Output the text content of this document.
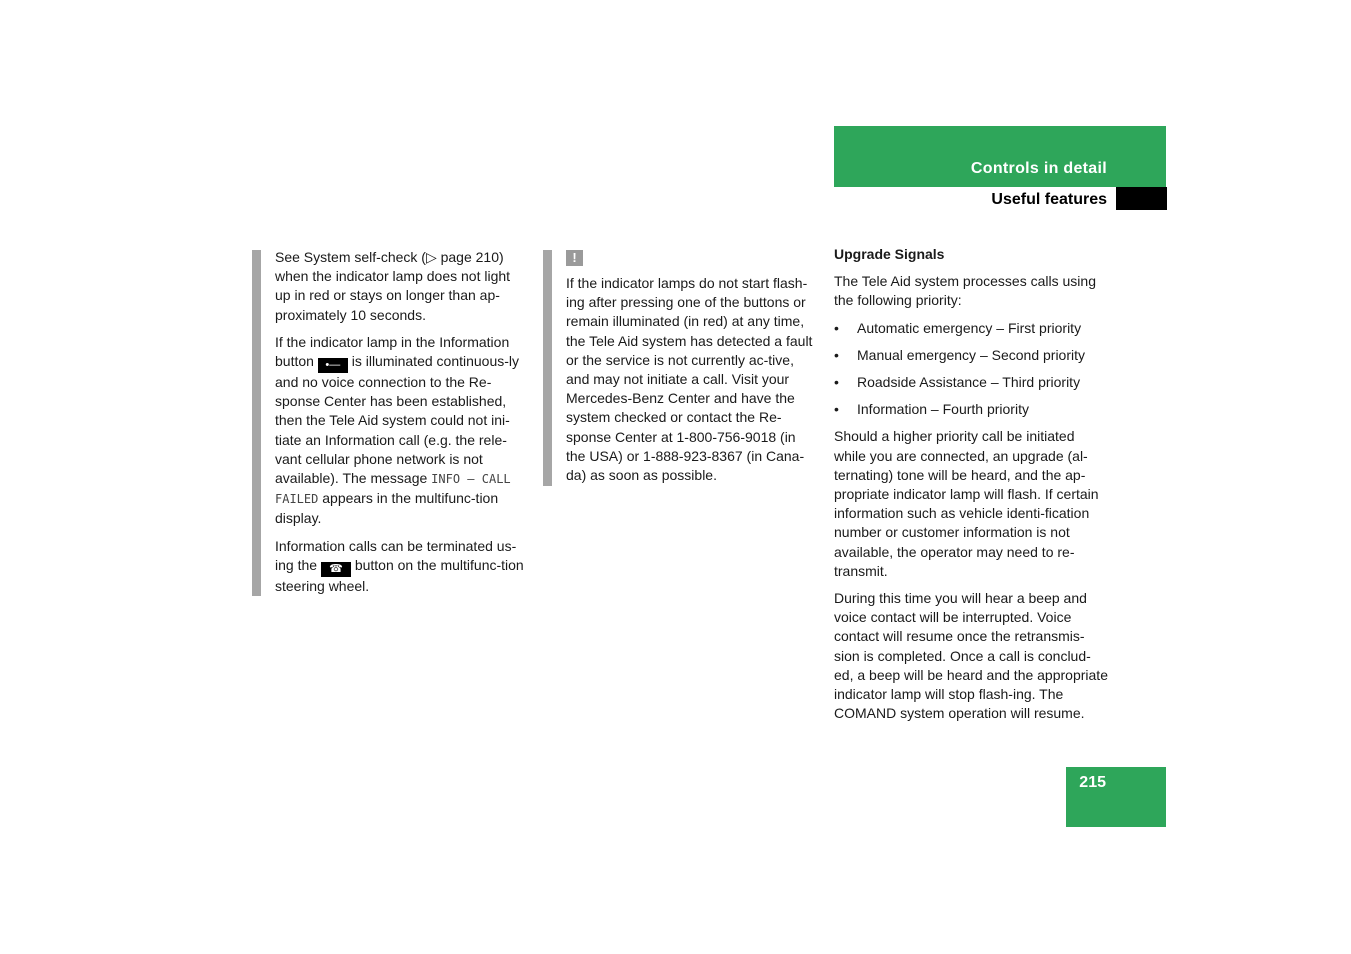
Controls in detail
Useful features

See System self-check (▷ page 210) when the indicator lamp does not light up in red or stays on longer than ap-proximately 10 seconds.

If the indicator lamp in the Information button •— is illuminated continuous-ly and no voice connection to the Re-sponse Center has been established, then the Tele Aid system could not ini-tiate an Information call (e.g. the rele-vant cellular phone network is not available). The message INFO – CALL FAILED appears in the multifunc-tion display.

Information calls can be terminated us-ing the ☎ button on the multifunc-tion steering wheel.

!

If the indicator lamps do not start flash-ing after pressing one of the buttons or remain illuminated (in red) at any time, the Tele Aid system has detected a fault or the service is not currently ac-tive, and may not initiate a call. Visit your Mercedes-Benz Center and have the system checked or contact the Re-sponse Center at 1-800-756-9018 (in the USA) or 1-888-923-8367 (in Cana-da) as soon as possible.

Upgrade Signals

The Tele Aid system processes calls using the following priority:

• Automatic emergency – First priority
• Manual emergency – Second priority
• Roadside Assistance – Third priority
• Information – Fourth priority

Should a higher priority call be initiated while you are connected, an upgrade (al-ternating) tone will be heard, and the ap-propriate indicator lamp will flash. If certain information such as vehicle identi-fication number or customer information is not available, the operator may need to re-transmit.

During this time you will hear a beep and voice contact will be interrupted. Voice contact will resume once the retransmis-sion is completed. Once a call is conclud-ed, a beep will be heard and the appropriate indicator lamp will stop flash-ing. The COMAND system operation will resume.

215
